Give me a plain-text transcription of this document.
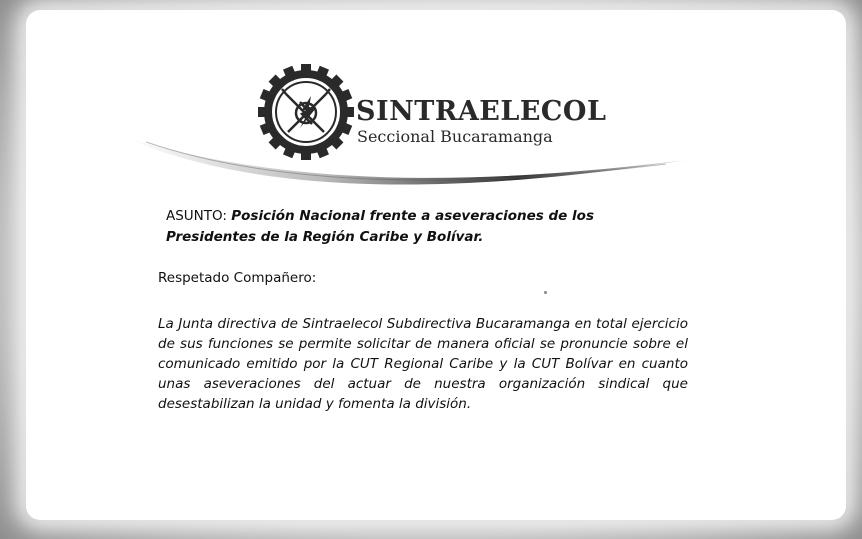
SINTRAELECOL
Seccional Bucaramanga
ASUNTO: Posición Nacional frente a aseveraciones de los Presidentes de la Región Caribe y Bolívar.
Respetado Compañero:
La Junta directiva de Sintraelecol Subdirectiva Bucaramanga en total ejercicio de sus funciones se permite solicitar de manera oficial se pronuncie sobre el comunicado emitido por la CUT Regional Caribe y la CUT Bolívar en cuanto unas aseveraciones del actuar de nuestra organización sindical que desestabilizan la unidad y fomenta la división.
